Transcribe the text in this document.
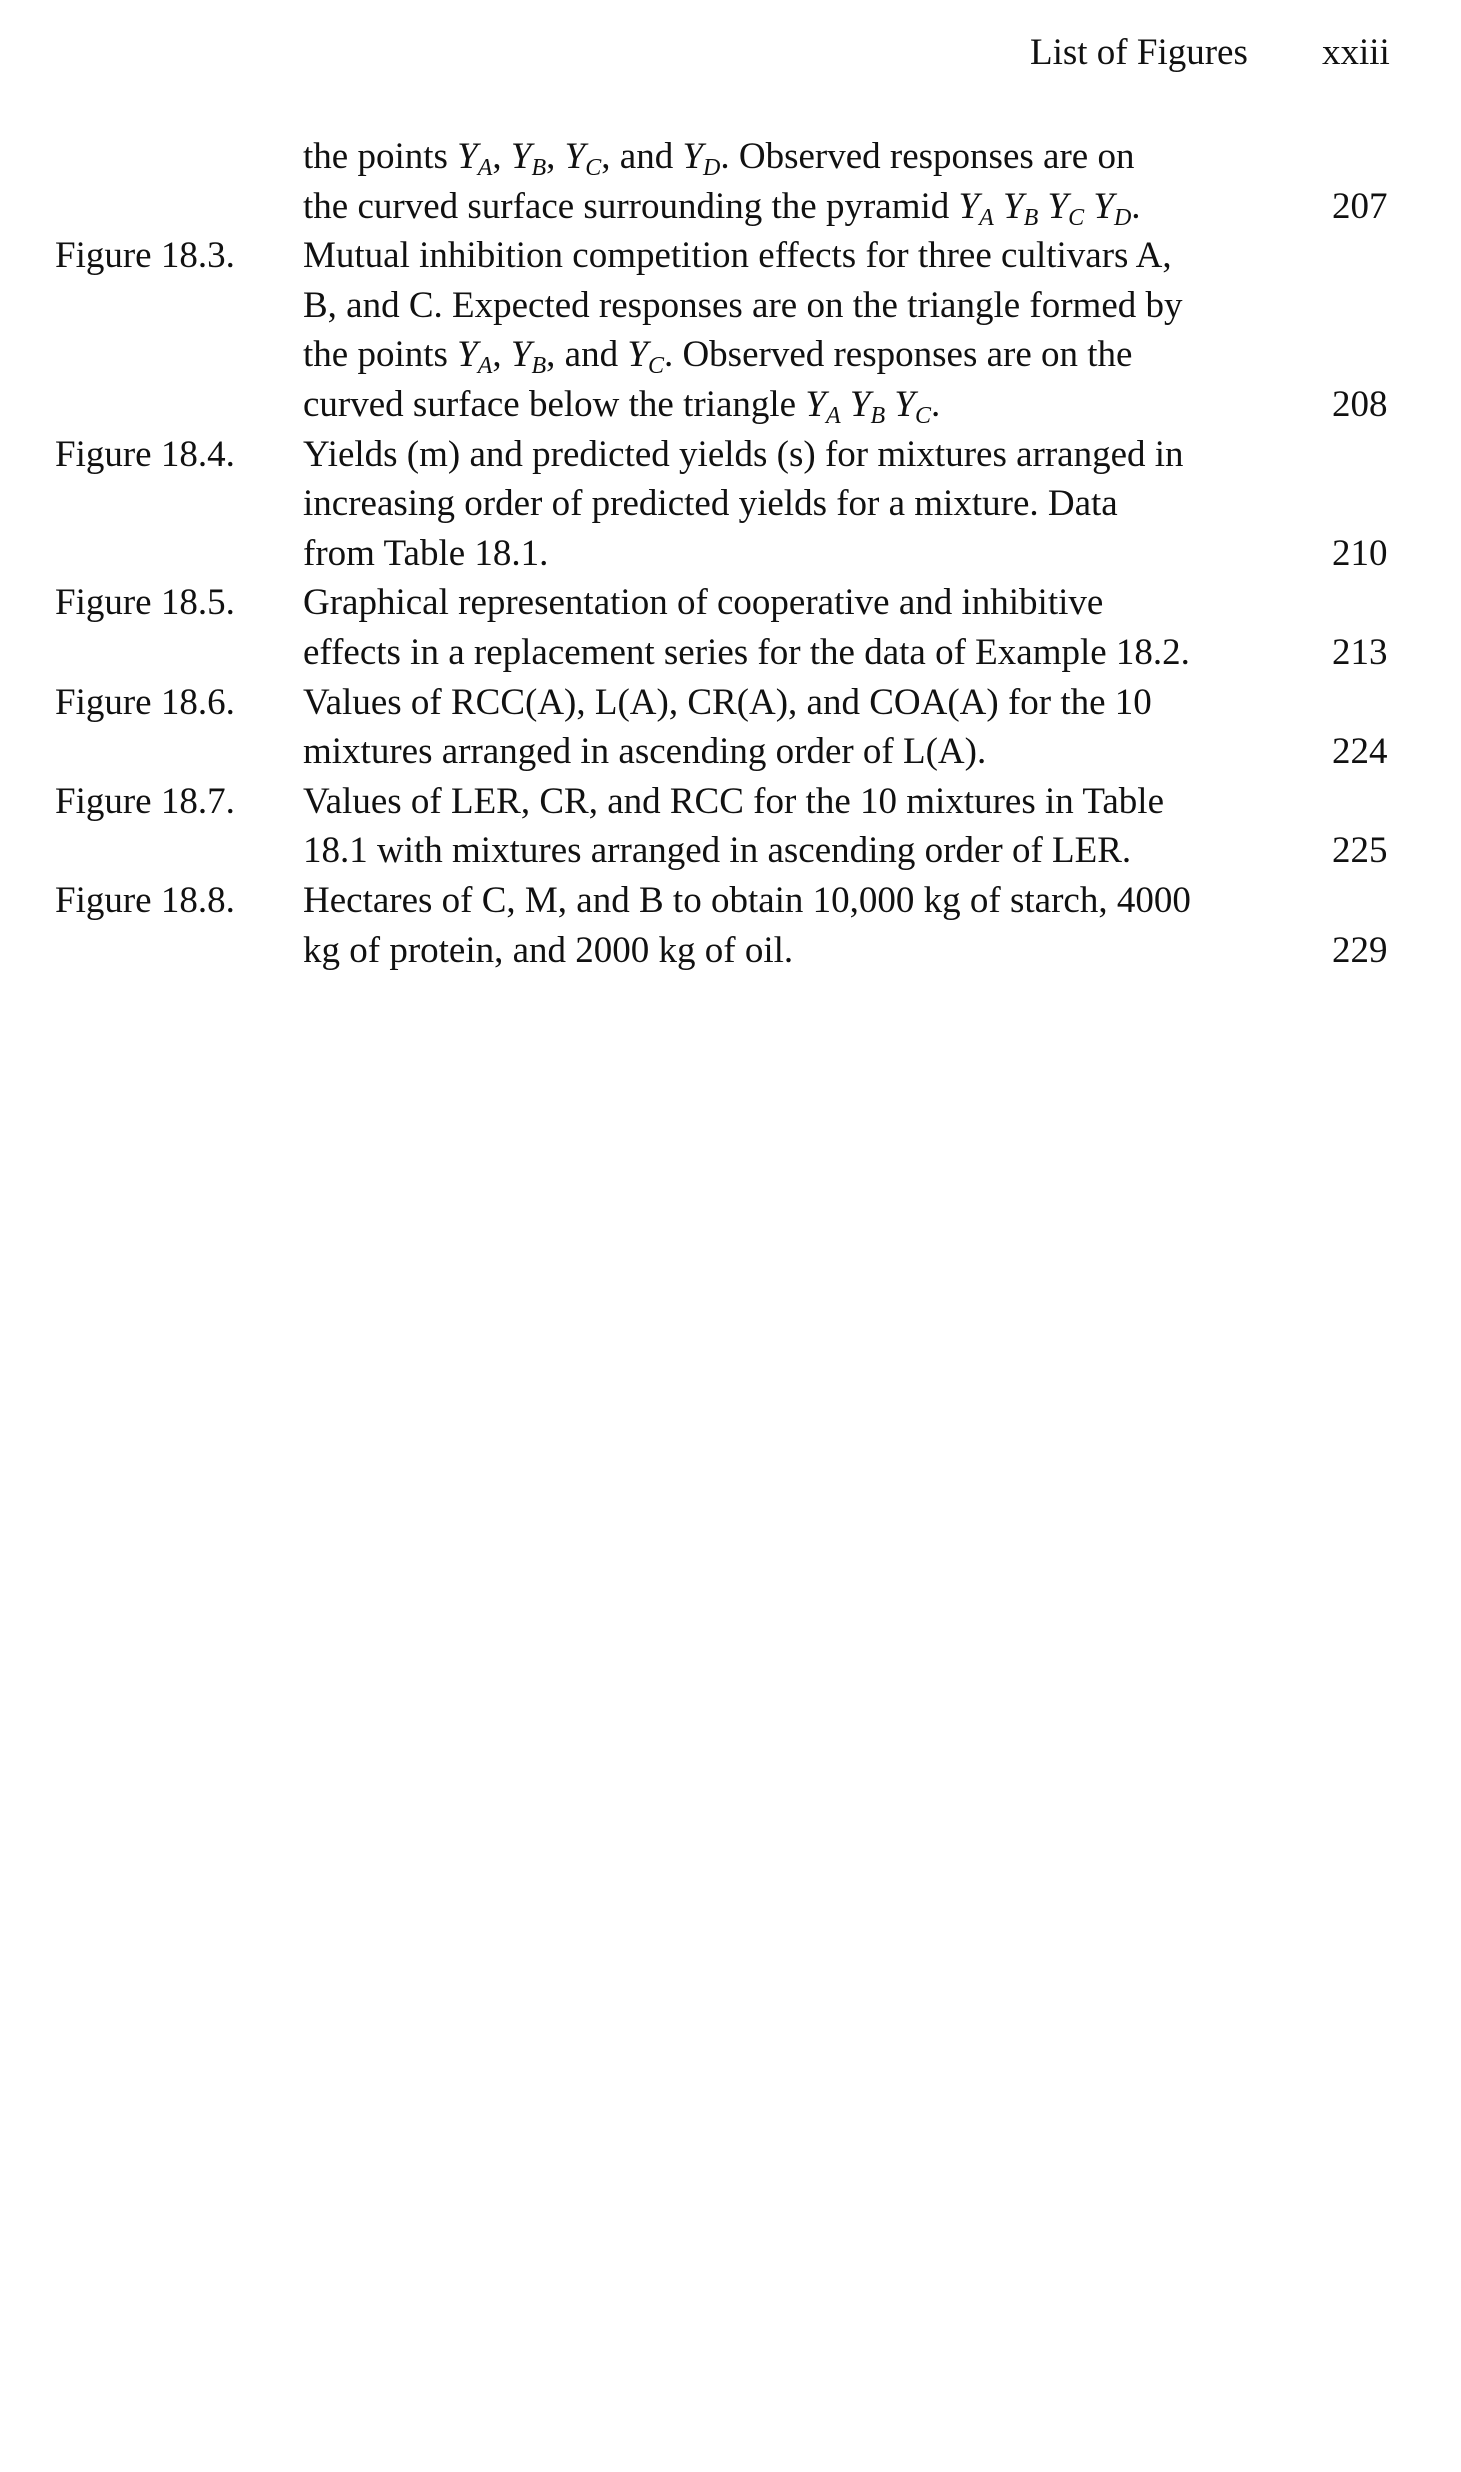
List of Figures xxiii
the points $Y_A$, $Y_B$, $Y_C$, and $Y_D$. Observed responses are on
the curved surface surrounding the pyramid $Y_A$ $Y_B$ $Y_C$ $Y_D$.	207
Figure 18.3. Mutual inhibition competition effects for three cultivars A,
B, and C. Expected responses are on the triangle formed by
the points $Y_A$, $Y_B$, and $Y_C$. Observed responses are on the
curved surface below the triangle $Y_A$ $Y_B$ $Y_C$.	208
Figure 18.4. Yields (m) and predicted yields (s) for mixtures arranged in
increasing order of predicted yields for a mixture. Data
from Table 18.1.	210
Figure 18.5. Graphical representation of cooperative and inhibitive
effects in a replacement series for the data of Example 18.2.	213
Figure 18.6. Values of RCC(A), L(A), CR(A), and COA(A) for the 10
mixtures arranged in ascending order of L(A).	224
Figure 18.7. Values of LER, CR, and RCC for the 10 mixtures in Table
18.1 with mixtures arranged in ascending order of LER.	225
Figure 18.8. Hectares of C, M, and B to obtain 10,000 kg of starch, 4000
kg of protein, and 2000 kg of oil.	229
